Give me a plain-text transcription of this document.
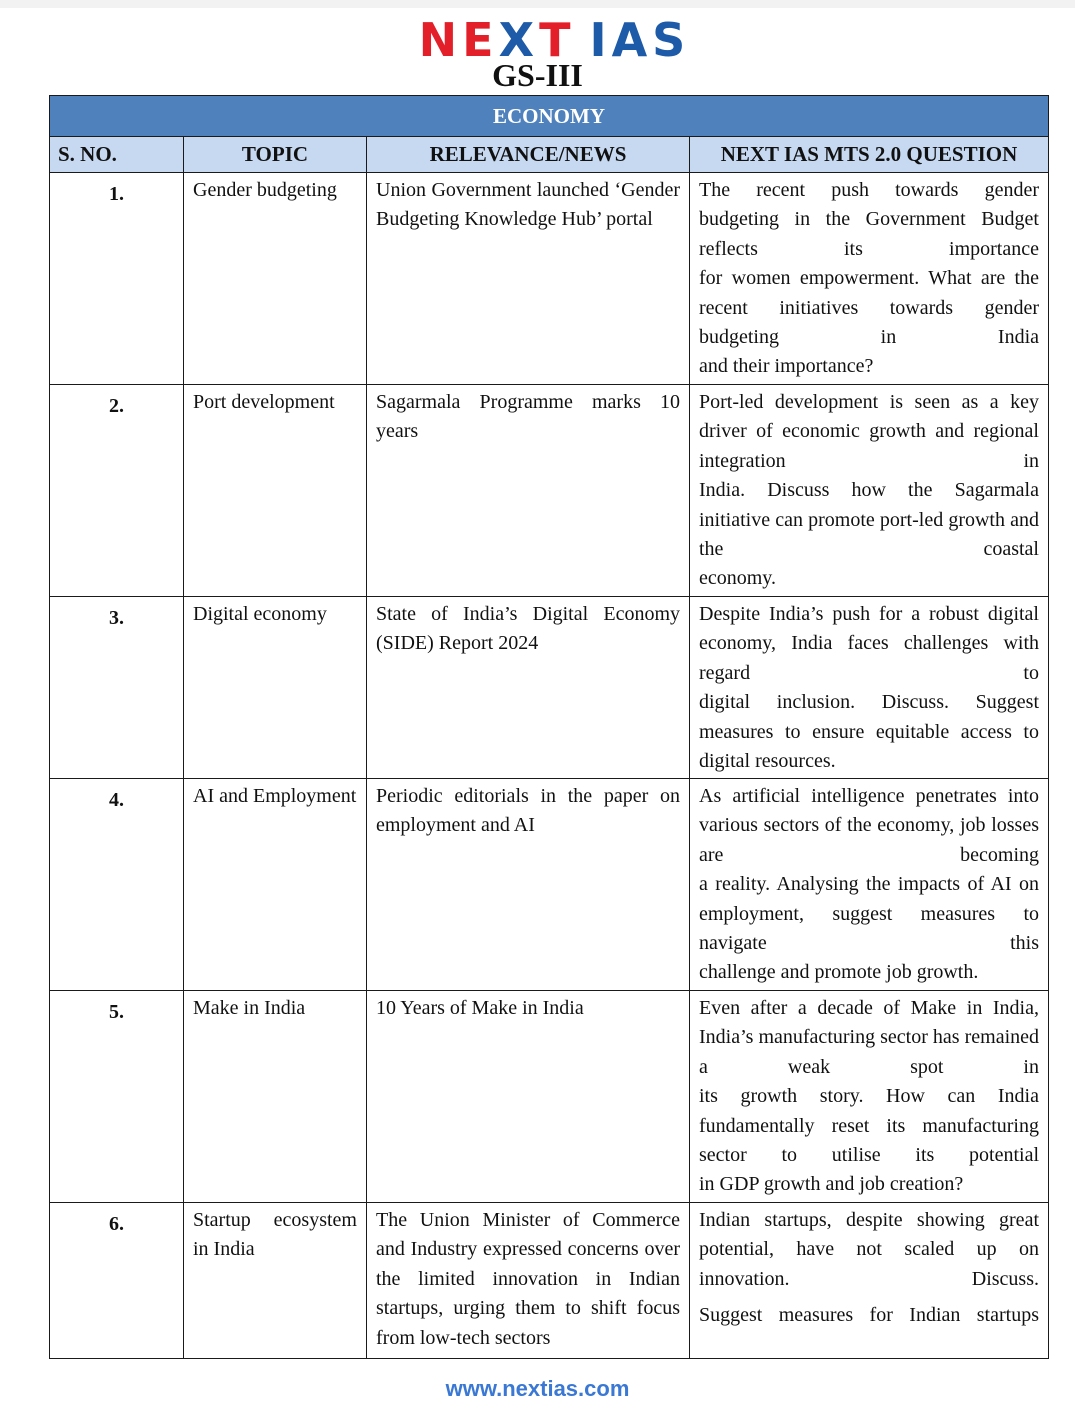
NE X T IAS
GS-III
ECONOMY			
S. NO.	TOPIC	RELEVANCE/NEWS	NEXT IAS MTS 2.0 QUESTION
1.	Gender budgeting	Union Government launched ‘Gender Budgeting Knowledge Hub’ portal	The recent push towards gender budgeting in the Government Budget reflects its importance

for women empowerment. What are the recent initiatives towards gender budgeting in India

and their importance?

2.	Port development	Sagarmala Programme marks 10 years	Port-led development is seen as a key driver of economic growth and regional integration in

India. Discuss how the Sagarmala initiative can promote port-led growth and the coastal

economy.

3.	Digital economy	State of India’s Digital Economy (SIDE) Report 2024	Despite India’s push for a robust digital economy, India faces challenges with regard to

digital inclusion. Discuss. Suggest measures to ensure equitable access to digital resources.

4.	AI and Employment	Periodic editorials in the paper on employment and AI	As artificial intelligence penetrates into various sectors of the economy, job losses are becoming

a reality. Analysing the impacts of AI on employment, suggest measures to navigate this

challenge and promote job growth.

5.	Make in India	10 Years of Make in India	Even after a decade of Make in India, India’s manufacturing sector has remained a weak spot in

its growth story. How can India fundamentally reset its manufacturing sector to utilise its potential

in GDP growth and job creation?

6.	Startup ecosystem in India	The Union Minister of Commerce and Industry expressed concerns over the limited innovation in Indian startups, urging them to shift focus from low-tech sectors	Indian startups, despite showing great potential, have not scaled up on innovation. Discuss.

Suggest measures for Indian startups

www.nextias.com
